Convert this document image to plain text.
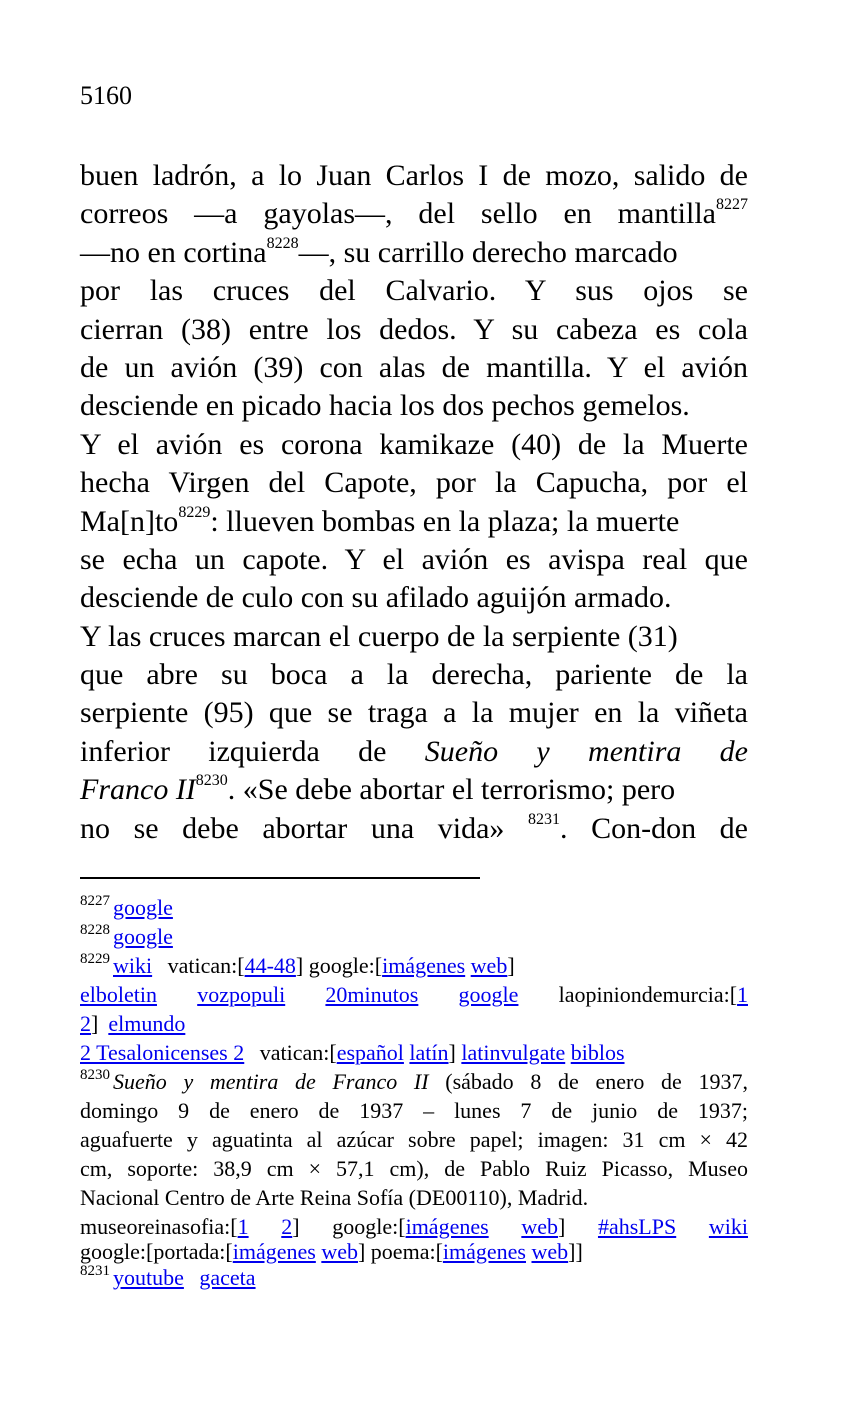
5160
buen ladrón, a lo Juan Carlos I de mozo, salido de
correos —a gayolas—, del sello en mantilla$^{8227}$
—no en cortina$^{8228}$—, su carrillo derecho marcado
por las cruces del Calvario. Y sus ojos se
cierran (38) entre los dedos. Y su cabeza es cola
de un avión (39) con alas de mantilla. Y el avión
desciende en picado hacia los dos pechos gemelos.
Y el avión es corona kamikaze (40) de la Muerte
hecha Virgen del Capote, por la Capucha, por el
$Ma[n]to^{8229}$: llueven bombas en la plaza; la muerte
se echa un capote. Y el avión es avispa real que
desciende de culo con su afilado aguijón armado.
Y las cruces marcan el cuerpo de la serpiente (31)
que abre su boca a la derecha, pariente de la
serpiente (95) que se traga a la mujer en la viñeta
inferior izquierda de Sueño y mentira de
Franco $II^{8230}$. «Se debe abortar el terrorismo; pero
no se debe abortar una vida» $^{8231}$. Con-don de
$^{8227}$ google
$^{8228}$ google
$^{8229}$ wiki vatican:[44-48] google:[imágenes web]
elboletin vozpopuli 20minutos google laopiniondemurcia:[1
2] elmundo
2 Tesalonicenses 2 vatican:[español latín] latinvulgate biblos
$^{8230}$ Sueño y mentira de Franco II (sábado 8 de enero de 1937,
domingo 9 de enero de 1937 – lunes 7 de junio de 1937;
aguafuerte y aguatinta al azúcar sobre papel; imagen: 31 cm × 42
cm, soporte: 38,9 cm × 57,1 cm), de Pablo Ruiz Picasso, Museo
Nacional Centro de Arte Reina Sofía (DE00110), Madrid.
museoreinasofia:[1 2] google:[imágenes web] #ahsLPS wiki
google:[portada:[imágenes web] poema:[imágenes web]]
$^{8231}$ youtube gaceta
